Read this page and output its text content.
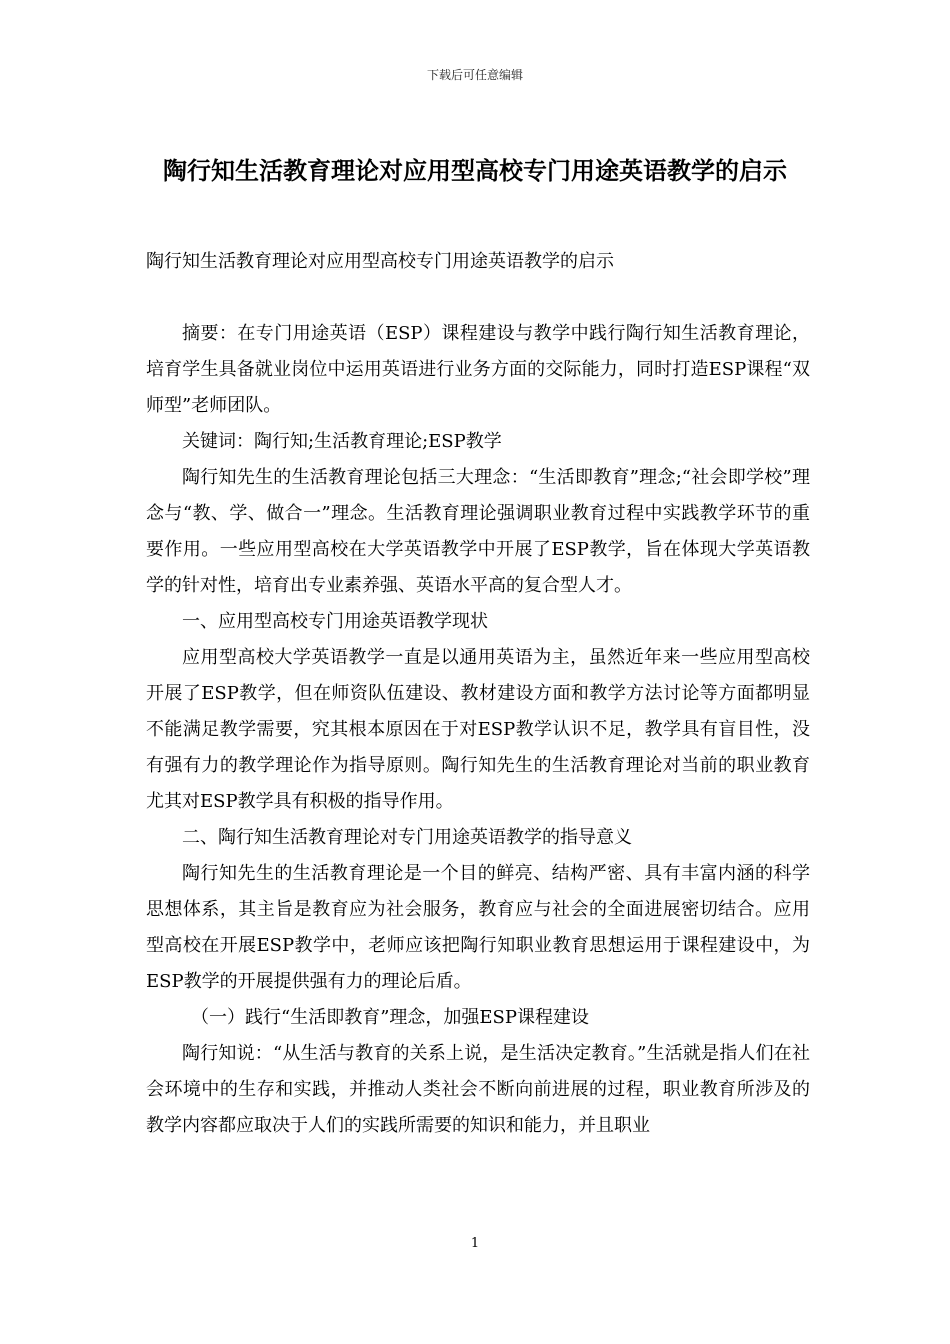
下载后可任意编辑
陶行知生活教育理论对应用型高校专门用途英语教学的启示

陶行知生活教育理论对应用型高校专门用途英语教学的启示

摘要：在专门用途英语（ESP）课程建设与教学中践行陶行知生活教育理论，培育学生具备就业岗位中运用英语进行业务方面的交际能力，同时打造ESP课程“双师型”老师团队。

关键词：陶行知;生活教育理论;ESP教学

陶行知先生的生活教育理论包括三大理念：“生活即教育”理念;“社会即学校”理念与“教、学、做合一”理念。生活教育理论强调职业教育过程中实践教学环节的重要作用。一些应用型高校在大学英语教学中开展了ESP教学，旨在体现大学英语教学的针对性，培育出专业素养强、英语水平高的复合型人才。

一、应用型高校专门用途英语教学现状

应用型高校大学英语教学一直是以通用英语为主，虽然近年来一些应用型高校开展了ESP教学，但在师资队伍建设、教材建设方面和教学方法讨论等方面都明显不能满足教学需要，究其根本原因在于对ESP教学认识不足，教学具有盲目性，没有强有力的教学理论作为指导原则。陶行知先生的生活教育理论对当前的职业教育尤其对ESP教学具有积极的指导作用。

二、陶行知生活教育理论对专门用途英语教学的指导意义

陶行知先生的生活教育理论是一个目的鲜亮、结构严密、具有丰富内涵的科学思想体系，其主旨是教育应为社会服务，教育应与社会的全面进展密切结合。应用型高校在开展ESP教学中，老师应该把陶行知职业教育思想运用于课程建设中，为ESP教学的开展提供强有力的理论后盾。

（一）践行“生活即教育”理念，加强ESP课程建设

陶行知说：“从生活与教育的关系上说，是生活决定教育。”生活就是指人们在社会环境中的生存和实践，并推动人类社会不断向前进展的过程，职业教育所涉及的教学内容都应取决于人们的实践所需要的知识和能力，并且职业

1
